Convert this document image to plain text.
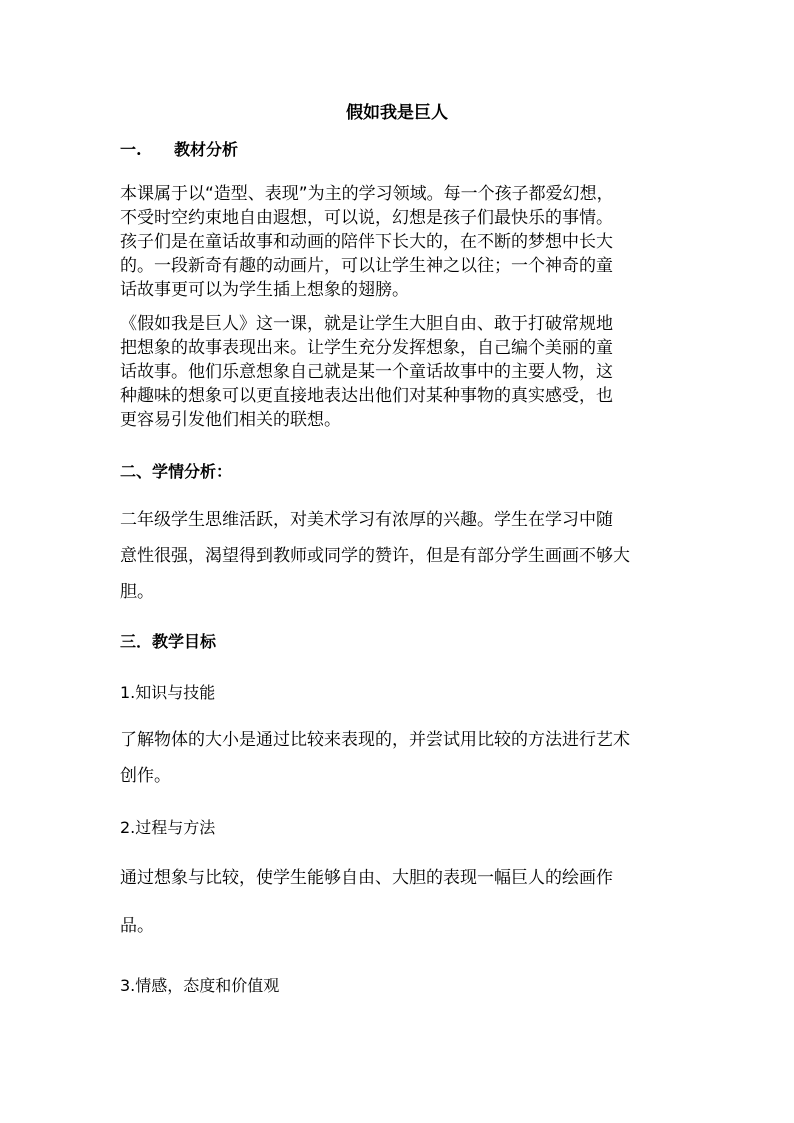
假如我是巨人
一. 教材分析
本课属于以“造型、表现”为主的学习领域。每一个孩子都爱幻想，
不受时空约束地自由遐想，可以说，幻想是孩子们最快乐的事情。
孩子们是在童话故事和动画的陪伴下长大的，在不断的梦想中长大
的。一段新奇有趣的动画片，可以让学生神之以往；一个神奇的童
话故事更可以为学生插上想象的翅膀。
《假如我是巨人》这一课，就是让学生大胆自由、敢于打破常规地
把想象的故事表现出来。让学生充分发挥想象，自己编个美丽的童
话故事。他们乐意想象自己就是某一个童话故事中的主要人物，这
种趣味的想象可以更直接地表达出他们对某种事物的真实感受，也
更容易引发他们相关的联想。
二、学情分析：
二年级学生思维活跃，对美术学习有浓厚的兴趣。学生在学习中随
意性很强，渴望得到教师或同学的赞许，但是有部分学生画画不够大
胆。
三．教学目标
1.知识与技能
了解物体的大小是通过比较来表现的，并尝试用比较的方法进行艺术
创作。
2.过程与方法
通过想象与比较，使学生能够自由、大胆的表现一幅巨人的绘画作
品。
3.情感，态度和价值观
